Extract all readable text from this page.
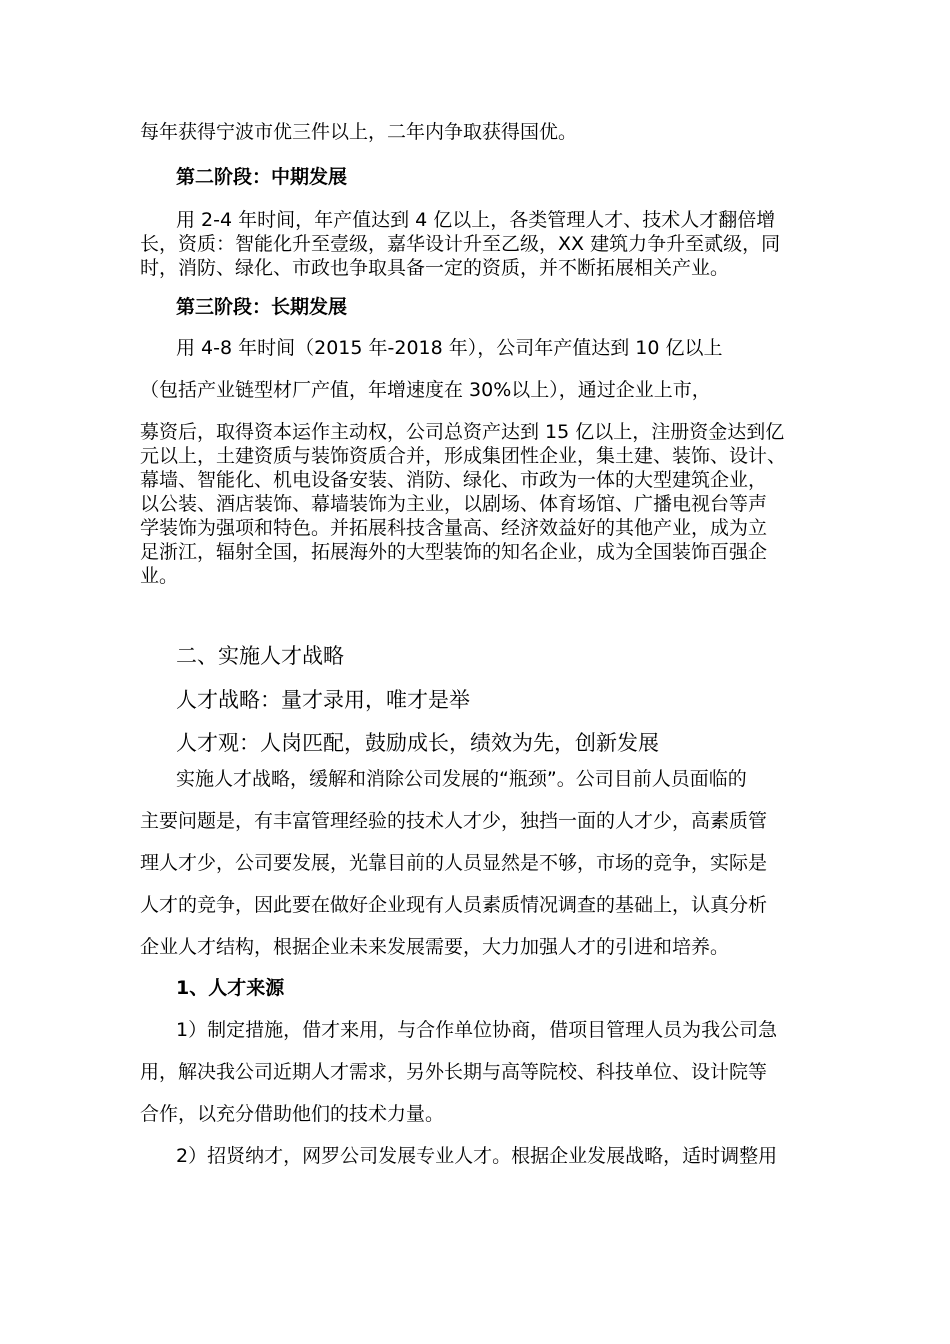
每年获得宁波市优三件以上，二年内争取获得国优。
第二阶段：中期发展
用 2-4 年时间，年产值达到 4 亿以上，各类管理人才、技术人才翻倍增
长，资质：智能化升至壹级，嘉华设计升至乙级，XX 建筑力争升至贰级，同
时，消防、绿化、市政也争取具备一定的资质，并不断拓展相关产业。
第三阶段：长期发展
用 4-8 年时间（2015 年-2018 年），公司年产值达到 10 亿以上
（包括产业链型材厂产值，年增速度在 30%以上），通过企业上市，
募资后，取得资本运作主动权，公司总资产达到 15 亿以上，注册资金达到亿
元以上，土建资质与装饰资质合并，形成集团性企业，集土建、装饰、设计、
幕墙、智能化、机电设备安装、消防、绿化、市政为一体的大型建筑企业，
以公装、酒店装饰、幕墙装饰为主业，以剧场、体育场馆、广播电视台等声
学装饰为强项和特色。并拓展科技含量高、经济效益好的其他产业，成为立
足浙江，辐射全国，拓展海外的大型装饰的知名企业，成为全国装饰百强企
业。
二、实施人才战略
人才战略：量才录用，唯才是举
人才观：人岗匹配，鼓励成长，绩效为先，创新发展
实施人才战略，缓解和消除公司发展的“瓶颈”。公司目前人员面临的
主要问题是，有丰富管理经验的技术人才少，独挡一面的人才少，高素质管
理人才少，公司要发展，光靠目前的人员显然是不够，市场的竞争，实际是
人才的竞争，因此要在做好企业现有人员素质情况调查的基础上，认真分析
企业人才结构，根据企业未来发展需要，大力加强人才的引进和培养。
1、人才来源
1）制定措施，借才来用，与合作单位协商，借项目管理人员为我公司急
用，解决我公司近期人才需求，另外长期与高等院校、科技单位、设计院等
合作，以充分借助他们的技术力量。
2）招贤纳才，网罗公司发展专业人才。根据企业发展战略，适时调整用
